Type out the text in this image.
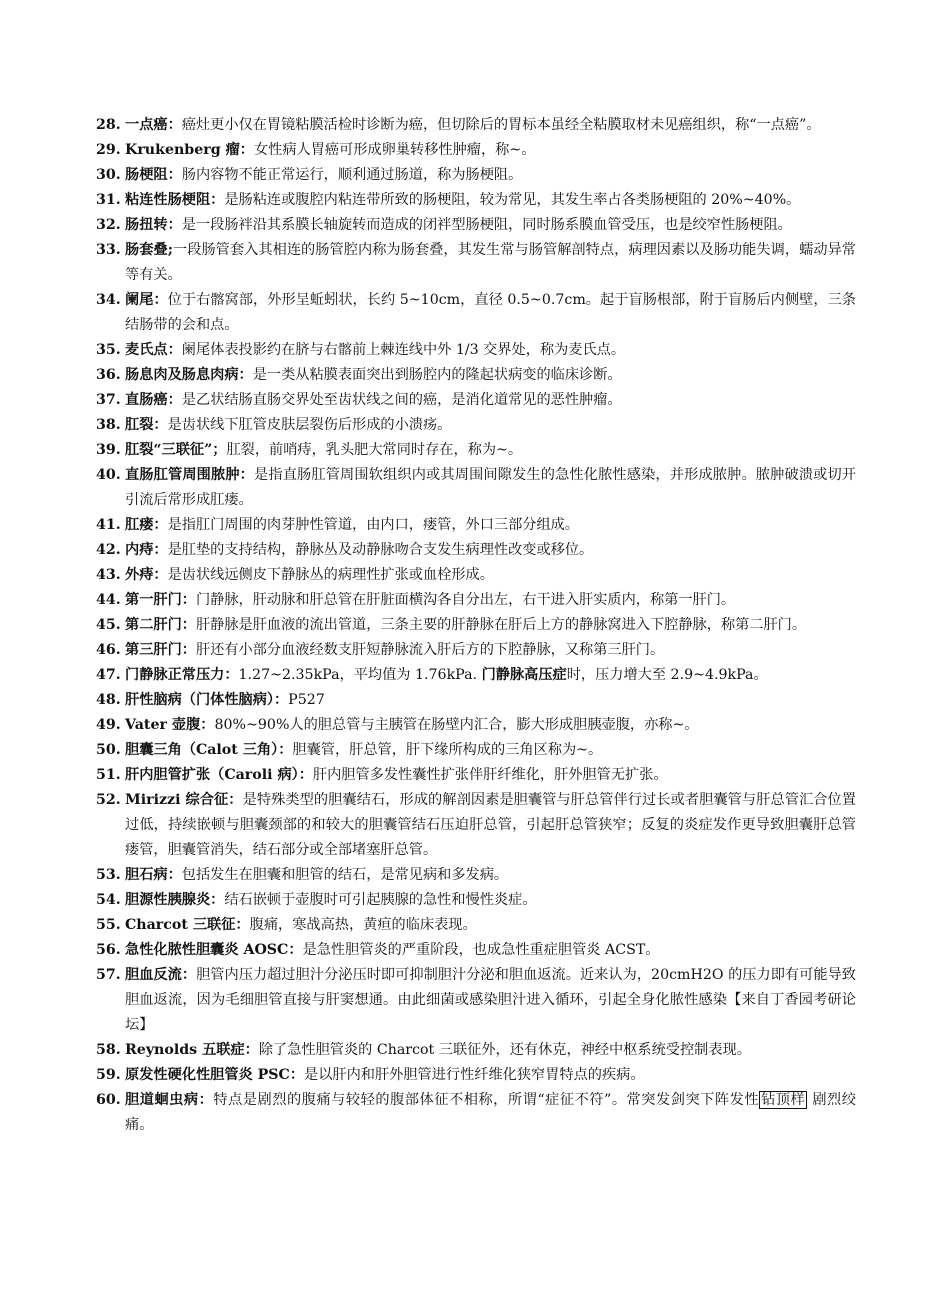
28. 一点癌：癌灶更小仅在胃镜粘膜活检时诊断为癌，但切除后的胃标本虽经全粘膜取材未见癌组织，称“一点癌”。
29. Krukenberg 瘤：女性病人胃癌可形成卵巢转移性肿瘤，称~。
30. 肠梗阻：肠内容物不能正常运行，顺利通过肠道，称为肠梗阻。
31. 粘连性肠梗阻：是肠粘连或腹腔内粘连带所致的肠梗阻，较为常见，其发生率占各类肠梗阻的 20%~40%。
32. 肠扭转：是一段肠袢沿其系膜长轴旋转而造成的闭袢型肠梗阻，同时肠系膜血管受压，也是绞窄性肠梗阻。
33. 肠套叠;一段肠管套入其相连的肠管腔内称为肠套叠，其发生常与肠管解剖特点，病理因素以及肠功能失调，蠕动异常等有关。
34. 阑尾：位于右髂窝部，外形呈蚯蚓状，长约 5~10cm，直径 0.5~0.7cm。起于盲肠根部，附于盲肠后内侧壁，三条结肠带的会和点。
35. 麦氏点：阑尾体表投影约在脐与右髂前上棘连线中外 1/3 交界处，称为麦氏点。
36. 肠息肉及肠息肉病：是一类从粘膜表面突出到肠腔内的隆起状病变的临床诊断。
37. 直肠癌：是乙状结肠直肠交界处至齿状线之间的癌，是消化道常见的恶性肿瘤。
38. 肛裂：是齿状线下肛管皮肤层裂伤后形成的小溃疡。
39. 肛裂“三联征”；肛裂，前哨痔，乳头肥大常同时存在，称为~。
40. 直肠肛管周围脓肿：是指直肠肛管周围软组织内或其周围间隙发生的急性化脓性感染，并形成脓肿。脓肿破溃或切开引流后常形成肛瘘。
41. 肛瘘：是指肛门周围的肉芽肿性管道，由内口，瘘管，外口三部分组成。
42. 内痔：是肛垫的支持结构，静脉丛及动静脉吻合支发生病理性改变或移位。
43. 外痔：是齿状线远侧皮下静脉丛的病理性扩张或血栓形成。
44. 第一肝门：门静脉，肝动脉和肝总管在肝脏面横沟各自分出左，右干进入肝实质内，称第一肝门。
45. 第二肝门：肝静脉是肝血液的流出管道，三条主要的肝静脉在肝后上方的静脉窝进入下腔静脉，称第二肝门。
46. 第三肝门：肝还有小部分血液经数支肝短静脉流入肝后方的下腔静脉，又称第三肝门。
47. 门静脉正常压力：1.27~2.35kPa，平均值为 1.76kPa. 门静脉高压症时，压力增大至 2.9~4.9kPa。
48. 肝性脑病（门体性脑病）：P527
49. Vater 壶腹：80%~90%人的胆总管与主胰管在肠壁内汇合，膨大形成胆胰壶腹，亦称~。
50. 胆囊三角（Calot 三角）：胆囊管，肝总管，肝下缘所构成的三角区称为~。
51. 肝内胆管扩张（Caroli 病）：肝内胆管多发性囊性扩张伴肝纤维化，肝外胆管无扩张。
52. Mirizzi 综合征：是特殊类型的胆囊结石，形成的解剖因素是胆囊管与肝总管伴行过长或者胆囊管与肝总管汇合位置过低，持续嵌顿与胆囊颈部的和较大的胆囊管结石压迫肝总管，引起肝总管狭窄；反复的炎症发作更导致胆囊肝总管瘘管，胆囊管消失，结石部分或全部堵塞肝总管。
53. 胆石病：包括发生在胆囊和胆管的结石，是常见病和多发病。
54. 胆源性胰腺炎：结石嵌顿于壶腹时可引起胰腺的急性和慢性炎症。
55. Charcot 三联征：腹痛，寒战高热，黄疸的临床表现。
56. 急性化脓性胆囊炎 AOSC：是急性胆管炎的严重阶段，也成急性重症胆管炎 ACST。
57. 胆血反流：胆管内压力超过胆汁分泌压时即可抑制胆汁分泌和胆血返流。近来认为，20cmH2O 的压力即有可能导致胆血返流，因为毛细胆管直接与肝窦想通。由此细菌或感染胆汁进入循环，引起全身化脓性感染【来自丁香园考研论坛】
58. Reynolds 五联症：除了急性胆管炎的 Charcot 三联征外，还有休克，神经中枢系统受控制表现。
59. 原发性硬化性胆管炎 PSC：是以肝内和肝外胆管进行性纤维化狭窄胃特点的疾病。
60. 胆道蛔虫病：特点是剧烈的腹痛与较轻的腹部体征不相称，所谓“症征不符”。常突发剑突下阵发性 钻顶样 剧烈绞痛。
